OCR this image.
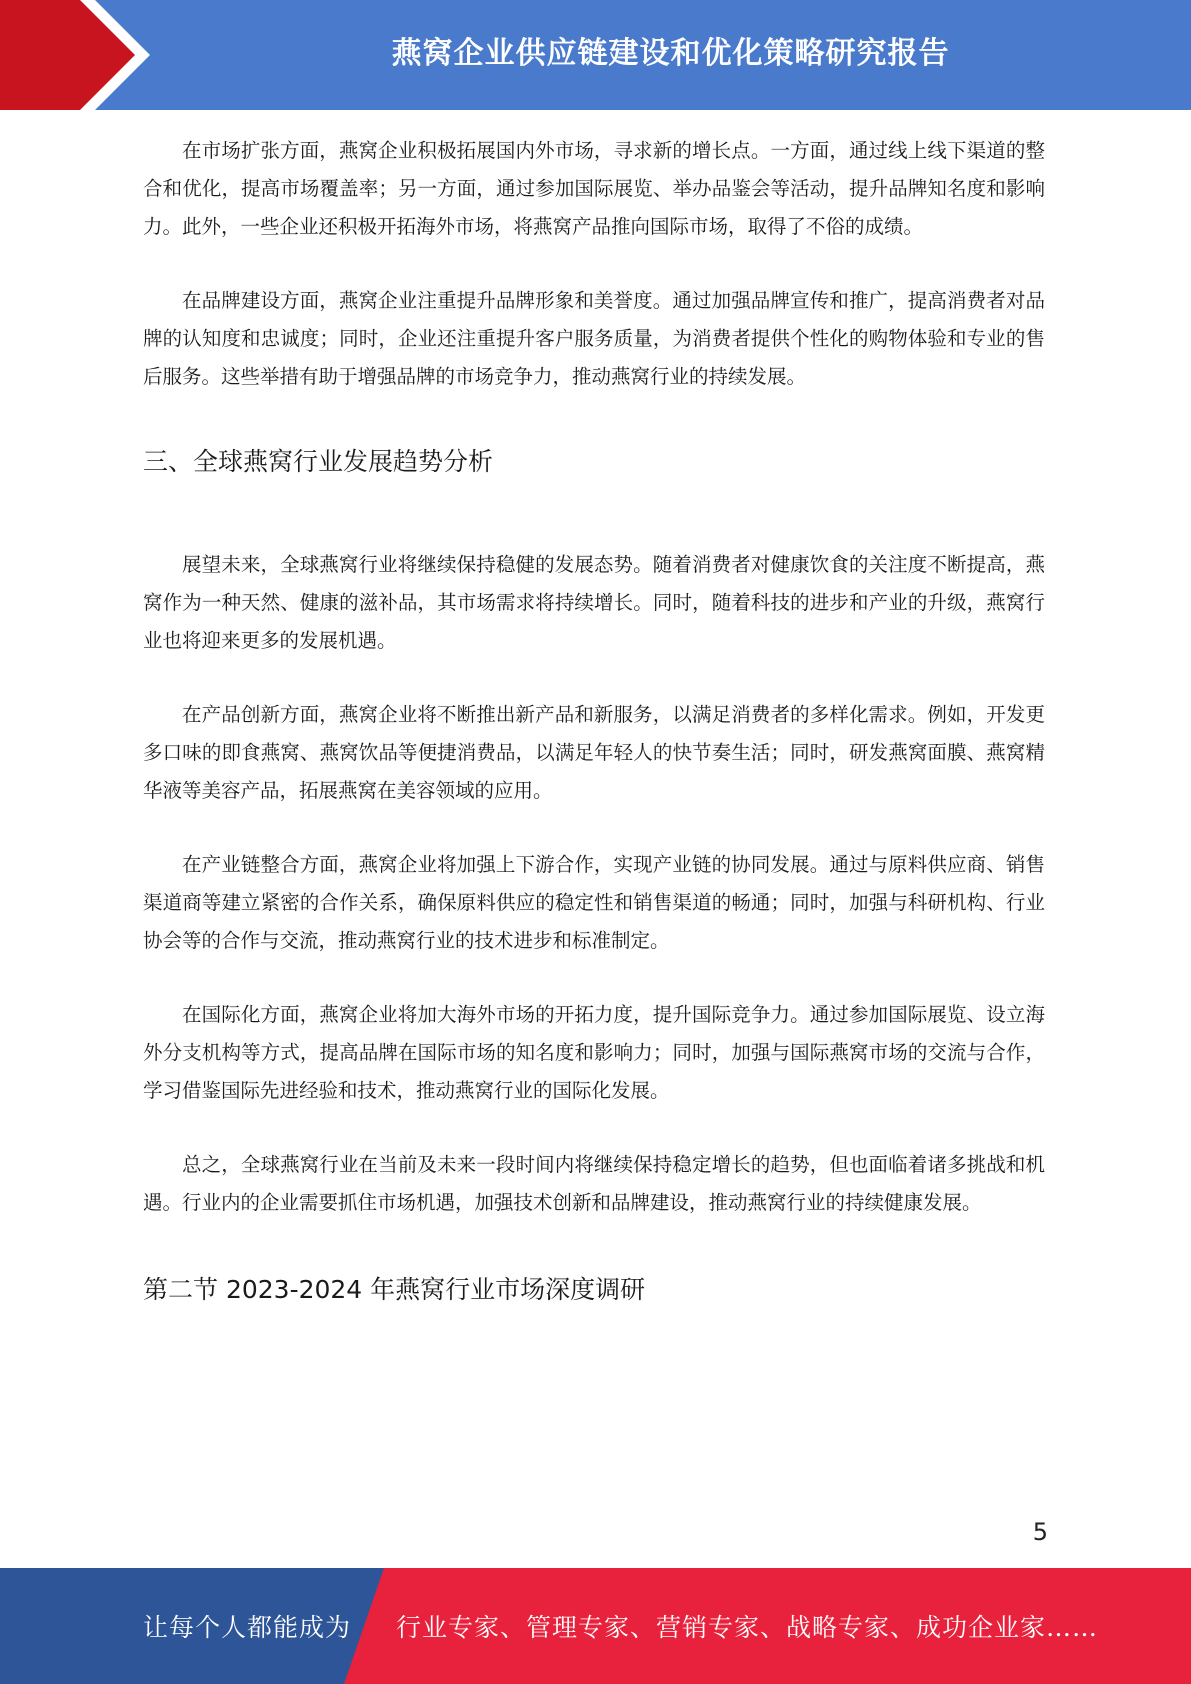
燕窝企业供应链建设和优化策略研究报告

在市场扩张方面，燕窝企业积极拓展国内外市场，寻求新的增长点。一方面，通过线上线下渠道的整合和优化，提高市场覆盖率；另一方面，通过参加国际展览、举办品鉴会等活动，提升品牌知名度和影响力。此外，一些企业还积极开拓海外市场，将燕窝产品推向国际市场，取得了不俗的成绩。

在品牌建设方面，燕窝企业注重提升品牌形象和美誉度。通过加强品牌宣传和推广，提高消费者对品牌的认知度和忠诚度；同时，企业还注重提升客户服务质量，为消费者提供个性化的购物体验和专业的售后服务。这些举措有助于增强品牌的市场竞争力，推动燕窝行业的持续发展。

三、全球燕窝行业发展趋势分析

展望未来，全球燕窝行业将继续保持稳健的发展态势。随着消费者对健康饮食的关注度不断提高，燕窝作为一种天然、健康的滋补品，其市场需求将持续增长。同时，随着科技的进步和产业的升级，燕窝行业也将迎来更多的发展机遇。

在产品创新方面，燕窝企业将不断推出新产品和新服务，以满足消费者的多样化需求。例如，开发更多口味的即食燕窝、燕窝饮品等便捷消费品，以满足年轻人的快节奏生活；同时，研发燕窝面膜、燕窝精华液等美容产品，拓展燕窝在美容领域的应用。

在产业链整合方面，燕窝企业将加强上下游合作，实现产业链的协同发展。通过与原料供应商、销售渠道商等建立紧密的合作关系，确保原料供应的稳定性和销售渠道的畅通；同时，加强与科研机构、行业协会等的合作与交流，推动燕窝行业的技术进步和标准制定。

在国际化方面，燕窝企业将加大海外市场的开拓力度，提升国际竞争力。通过参加国际展览、设立海外分支机构等方式，提高品牌在国际市场的知名度和影响力；同时，加强与国际燕窝市场的交流与合作，学习借鉴国际先进经验和技术，推动燕窝行业的国际化发展。

总之，全球燕窝行业在当前及未来一段时间内将继续保持稳定增长的趋势，但也面临着诸多挑战和机遇。行业内的企业需要抓住市场机遇，加强技术创新和品牌建设，推动燕窝行业的持续健康发展。

第二节 2023-2024 年燕窝行业市场深度调研
5
让每个人都能成为 行业专家、管理专家、营销专家、战略专家、成功企业家……
